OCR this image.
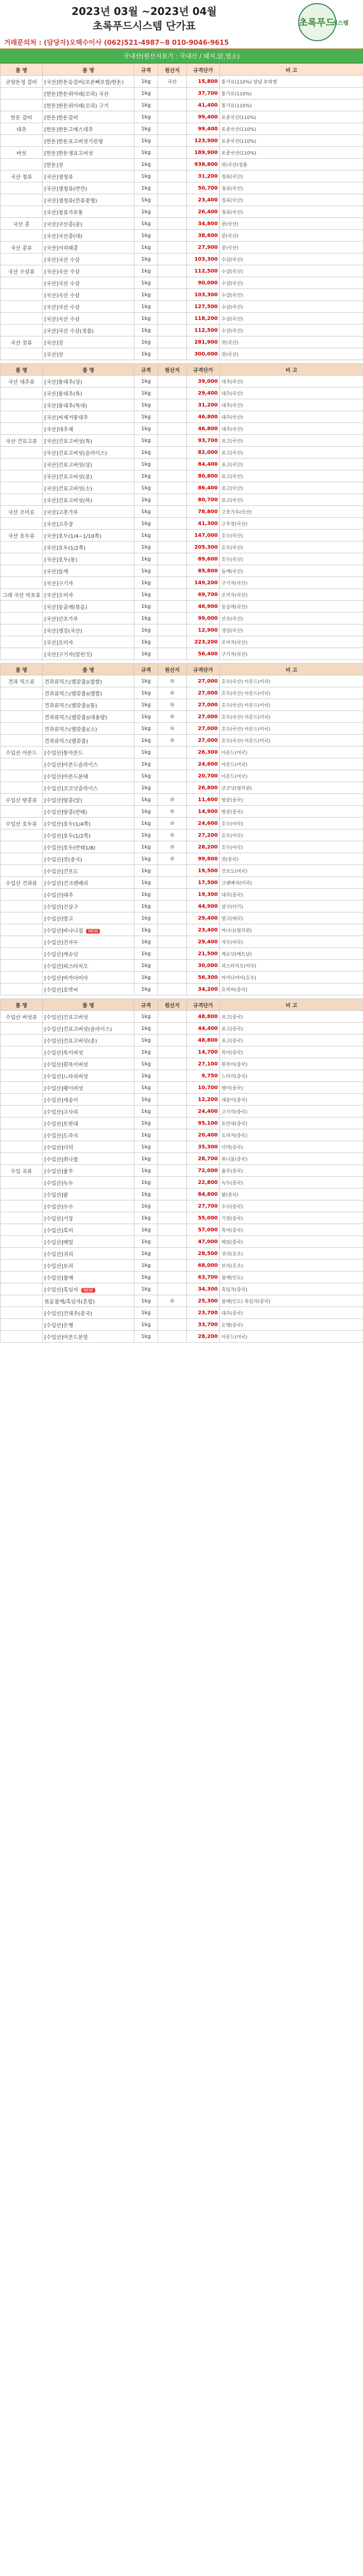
2023년 03월 ~2023년 04월
초록푸드시스템 단가표
거래문의처 : (담당자)오택수이사 (062)521-4987~8 010-9046-9615
초록푸드
시스템
국내산(원산지표기 : 국내산 / 돼지,닭,염소)
품 명	품 명	규격	원산지	규격단가	비 고
굳양돈정 갈비	[국산]한돈등갈비(포본뼈포함/한돈)	1kg	국산	15,800	통가로(110%) 양념 부위별
	[한돈]한돈위아래(꼬리) 국산	1kg		37,700	통가로(110%)
	[한돈]한돈위아래(꼬리) 구기	1kg		41,400	통가로(110%)
한돈 갈비	[한돈]한돈갈비	1kg		99,400	토종국산(110%)
대추	[한돈]한돈고메스대추	1kg		99,400	토종국산(110%)
	[한돈]한돈표고버섯기린형	1kg		123,900	토종국산(110%)
버섯	[한돈]한돈생표고버섯	1kg		189,900	토종국산(110%)
	[한돈]잣	1kg		938,800	잣(국산)정품
국산 청류	[국산]생청류	1kg		31,200	청류(국산)
	[국산]생청류(반깐)	1kg		50,700	청류(국산)
	[국산]생청류(깐류꽃형)	1kg		23,400	청류(국산)
	[국산]청류가루통	1kg		26,400	청류(국산)
국산 콩	[국산]국산콩(중)	1kg		34,800	콩(국산)
	[국산]국산콩(대)	1kg		38,600	콩(국산)
국산 콩류	[국산]서리태콩	1kg		27,900	콩(국산)
	[국산]국산 수삼	1kg		103,300	수삼(국산)
국산 수삼류	[국산]국산 수삼	1kg		112,500	수삼(국산)
	[국산]국산 수삼	1kg		90,000	수삼(국산)
	[국산]국산 수삼	1kg		103,300	수삼(국산)
	[국산]국산 수삼	1kg		127,500	수삼(국산)
	[국산]국산 수삼	1kg		118,200	수삼(국산)
	[국산]국산 수삼(정품)	1kg		112,500	수삼(국산)
국산 잣류	[국산]잣	1kg		281,900	잣(국산)
	[국산]잣	1kg		300,000	잣(국산)
품 명	품 명	규격	원산지	규격단가	비 고
국산 대추류	[국산]통대추(상)	1kg		39,000	대추(국산)
	[국산]통대추(특)	1kg		29,400	대추(국산)
	[국산]통대추(특대)	1kg		31,200	대추(국산)
	[국산]씨제거통대추	1kg		46,800	대추(국산)
	[국산]대추채	1kg		46,800	대추(국산)
국산 건표고류	[국산]건표고버섯(특)	1kg		93,700	표고(국산)
	[국산]건표고버섯(슬라이스)	1kg		82,000	표고(국산)
	[국산]건표고버섯(상)	1kg		84,400	표고(국산)
	[국산]건표고버섯(중)	1kg		80,800	표고(국산)
	[국산]건표고버섯(소)	1kg		86,400	표고(국산)
	[국산]건표고버섯(하)	1kg		80,700	표고(국산)
국산 조미료	[국산]고춧가루	1kg		78,800	고춧가루(국산)
	[국산]고추장	1kg		41,300	고추장(국산)
국산 호두류	[국산]호두(1/4~1/10쪽)	1kg		147,000	호두(국산)
	[국산]호두(1/2쪽)	1kg		205,300	호두(국산)
	[국산]호두(통)	1kg		89,600	호두(국산)
	[국산]들깨	1kg		85,800	들깨(국산)
	[국산]구기자	1kg		149,200	구기자(국산)
그레 국산 약초류	[국산]오미자	1kg		69,700	오미자(국산)
	[국산]둥굴레(볶음)	1kg		46,900	둥굴레(국산)
	[국산]산초가루	1kg		99,000	산초(국산)
	[국산]생강(국산)	1kg		12,900	생강(국산)
	[국산]오미자	1kg		223,200	오미자(국산)
	[국산]구기자(말린것)	1kg		56,400	구기자(국산)
품 명	품 명	규격	원산지	규격단가	비 고
견과 믹스류	견과류믹스(렐갖춤)(찹쌀)	1kg	◎	27,000	호두(국산) 아몬드(미국)
	견과류믹스(렐갖춤)(렐쌀)	1kg	◎	27,000	호두(국산) 아몬드(미국)
	견과류믹스(렐갖춤)(통)	1kg	◎	27,000	호두(국산) 아몬드(미국)
	견과류믹스(렐갖춤)(대용량)	1kg	◎	27,000	호두(국산) 아몬드(미국)
	견과류믹스(렐갖춤)(소)	1kg	◎	27,000	호두(국산) 아몬드(미국)
	견과류믹스(렐갖춤)	1kg	◎	27,000	호두(국산) 아몬드(미국)
수입산 아몬드	[수입산]통아몬드	1kg		26,300	아몬드(미국)
	[수입산]아몬드슬라이스	1kg		24,600	아몬드(미국)
	[수입산]아몬드분태	1kg		20,700	아몬드(미국)
	[수입산]코코넛슬라이스	1kg		26,800	코코넛(필리핀)
수입산 땅콩류	[수입산]땅콩(알)	1kg	◎	11,600	땅콩(중국)
	[수입산]땅콩(반태)	1kg	◎	14,900	땅콩(중국)
수입산 호두류	[수입산]호두(1/4쪽)	1kg	◎	24,600	호두(미국)
	[수입산]호두(1/2쪽)	1kg	◎	27,200	호두(미국)
	[수입산]호두(반태1/8)	1kg	◎	28,200	호두(미국)
	[수입산]잣(중국)	1kg	◎	99,800	잣(중국)
	[수입산]건포도	1kg		19,500	건포도(미국)
수입산 건과류	[수입산]건크랜베리	1kg		17,500	크랜베리(미국)
	[수입산]대추	1kg		19,300	대추(중국)
	[수입산]건살구	1kg		44,900	살구(터키)
	[수입산]망고	1kg		29,400	망고(태국)
	[수입산]바나나칩 NEW	1kg		23,400	바나나(필리핀)
	[수입산]건자두	1kg		29,400	자두(미국)
	[수입산]캐슈넛	1kg		21,500	캐슈넛(베트남)
	[수입산]피스타치오	1kg		30,000	피스타치오(미국)
	[수입산]마카다미아	1kg		56,300	마카다미아(호주)
	[수입산]호박씨	1kg		34,200	호박씨(중국)
품 명	품 명	규격	원산지	규격단가	비 고
수입산 버섯류	[수입산]건표고버섯	1kg		48,800	표고(중국)
	[수입산]건표고버섯(슬라이스)	1kg		44,400	표고(중국)
	[수입산]건표고버섯(중)	1kg		48,800	표고(중국)
	[수입산]목이버섯	1kg		14,700	목이(중국)
	[수입산]흰목이버섯	1kg		27,100	흰목이(중국)
	[수입산]느타리버섯	1kg		9,750	느타리(중국)
	[수입산]팽이버섯	1kg		10,700	팽이(중국)
	[수입산]새송이	1kg		12,200	새송이(중국)
	[수입산]고사리	1kg		24,400	고사리(중국)
	[수입산]토란대	1kg		95,100	토란대(중국)
	[수입산]도라지	1kg		20,400	도라지(중국)
	[수입산]더덕	1kg		35,300	더덕(중국)
	[수입산]취나물	1kg		28,700	취나물(중국)
수입 곡류	[수입산]율무	1kg		72,000	율무(중국)
	[수입산]녹두	1kg		22,800	녹두(중국)
	[수입산]팥	1kg		84,800	팥(중국)
	[수입산]수수	1kg		27,700	수수(중국)
	[수입산]기장	1kg		55,000	기장(중국)
	[수입산]흑미	1kg		57,000	흑미(중국)
	[수입산]메밀	1kg		47,000	메밀(중국)
	[수입산]귀리	1kg		28,500	귀리(호주)
	[수입산]보리	1kg		68,000	보리(호주)
	[수입산]참깨	1kg		63,700	참깨(인도)
	[수입산]흑임자 NEW	1kg		34,300	흑임자(중국)
	볶음참깨/흑임자(혼합)	1kg	◎	25,300	참깨(인도) 흑임자(중국)
	[수입산]건대추(중국)	1kg		23,700	대추(중국)
	[수입산]은행	1kg		33,700	은행(중국)
	[수입산]아몬드분말	1kg		28,200	아몬드(미국)
